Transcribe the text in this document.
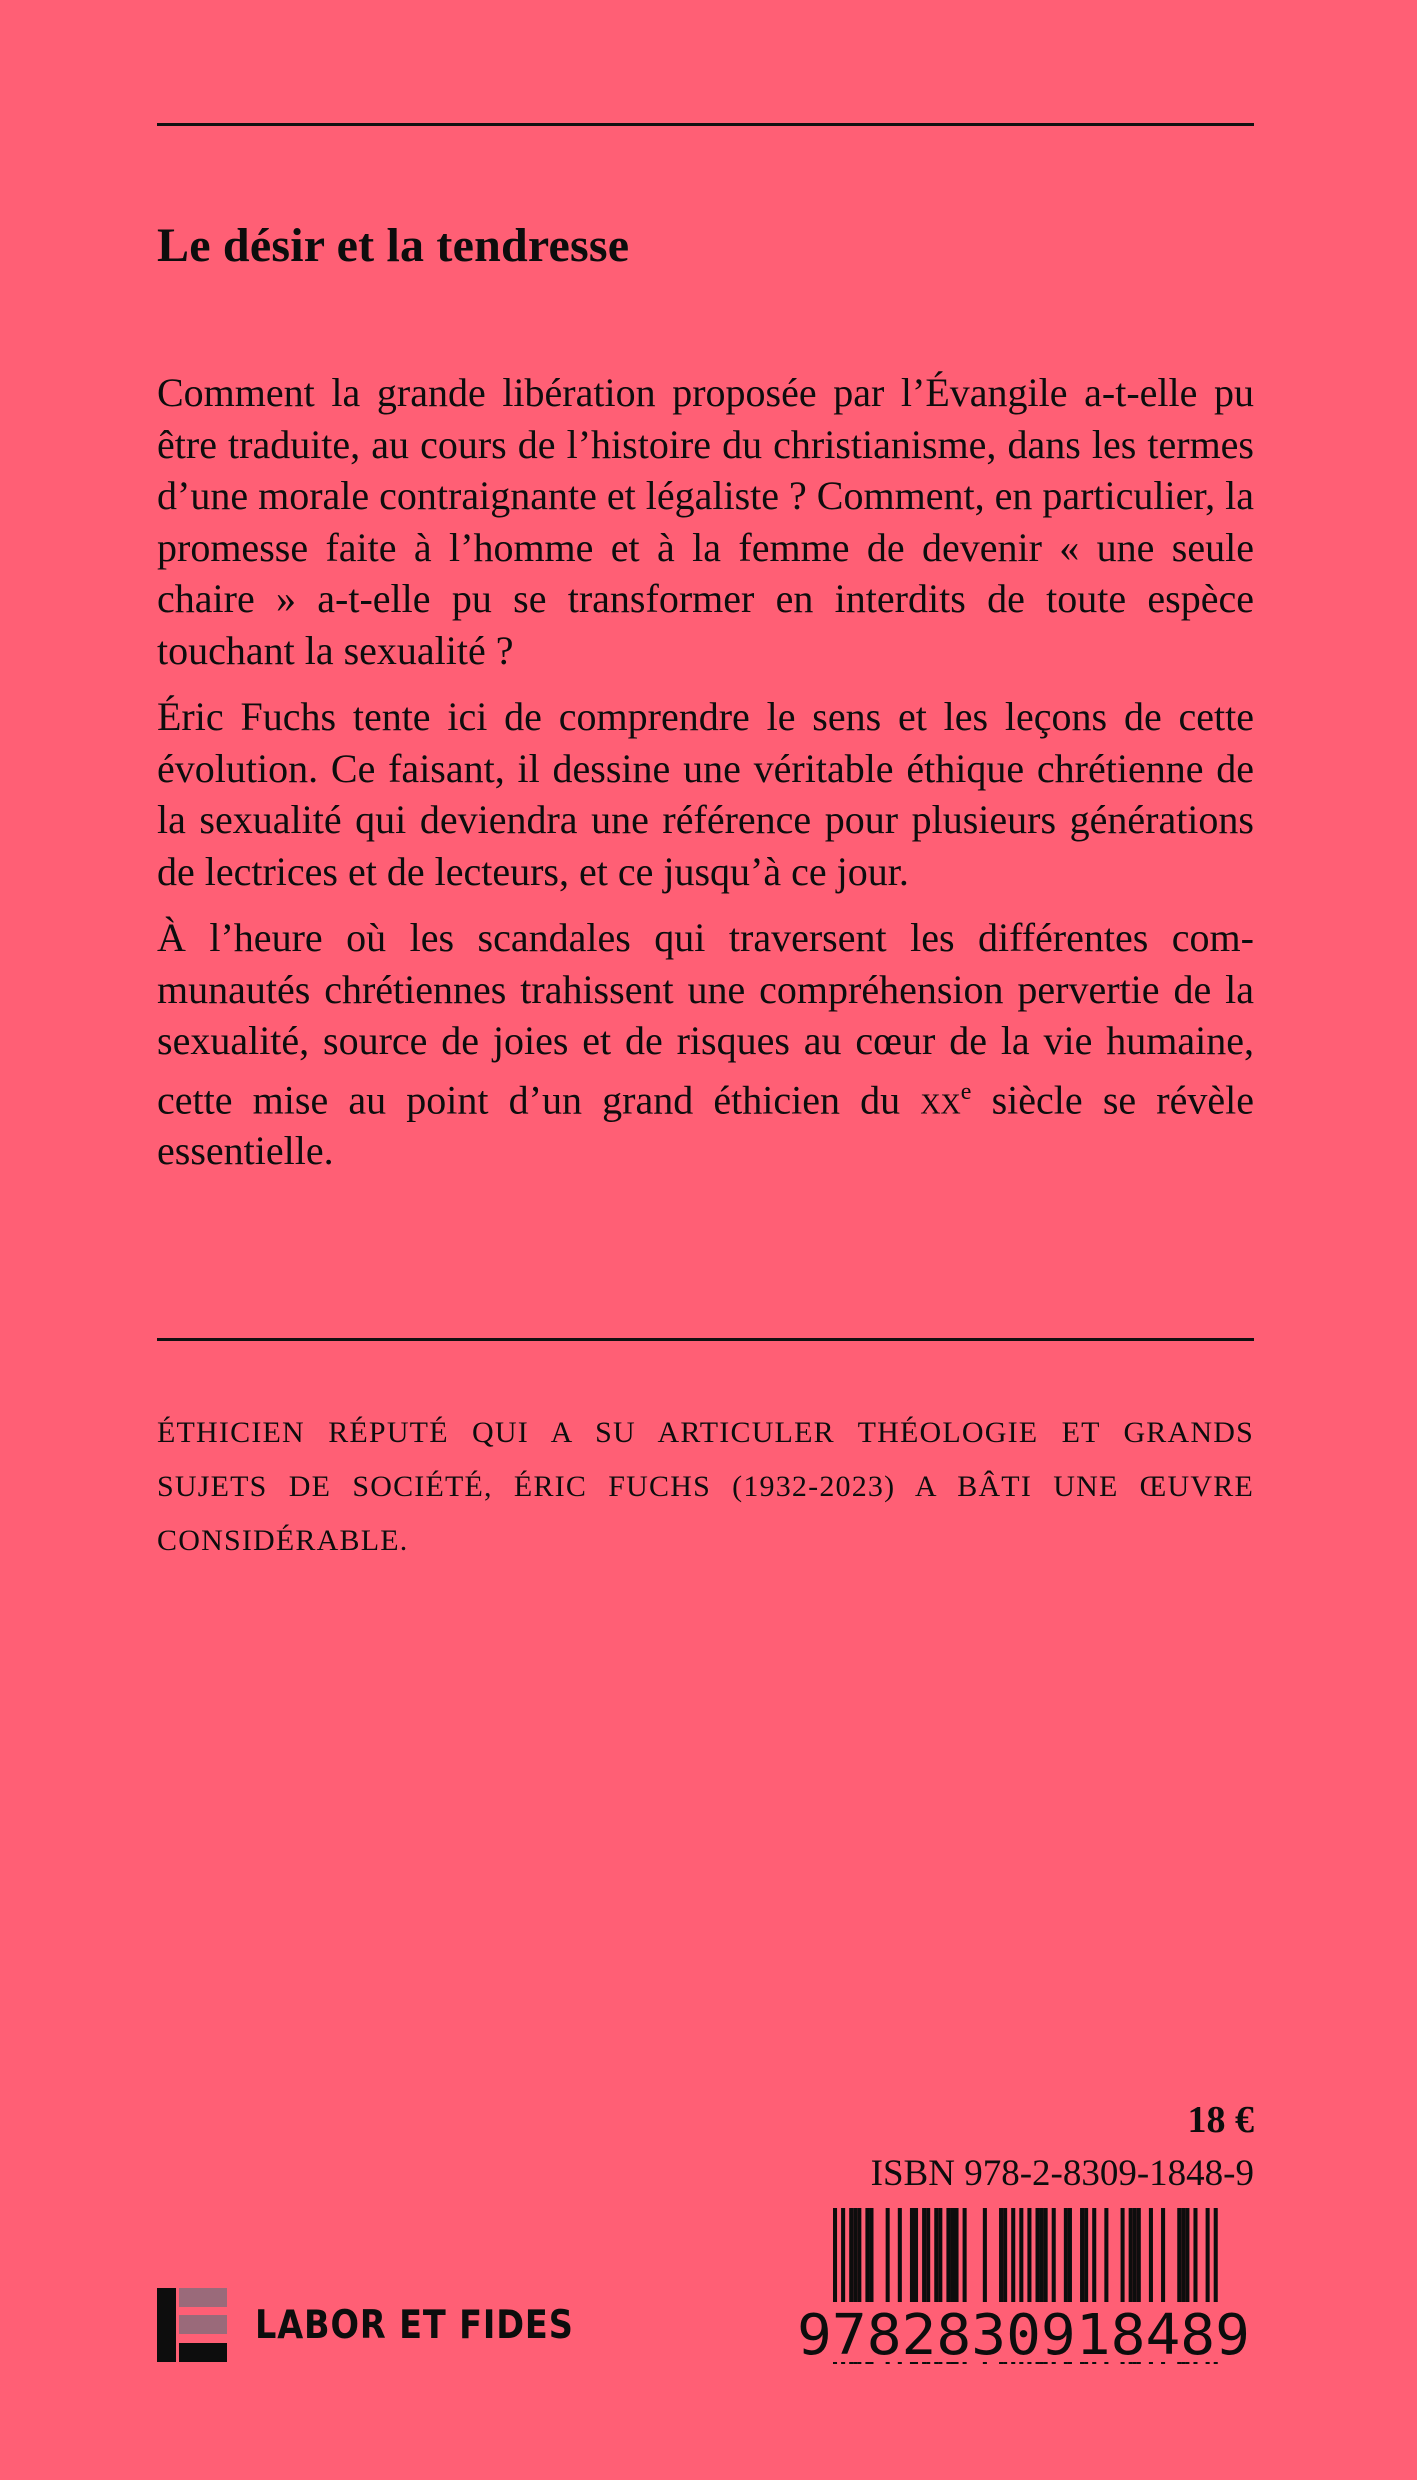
Le désir et la tendresse

Comment la grande libération proposée par l’Évangile a-t-elle pu être traduite, au cours de l’histoire du christianisme, dans les termes d’une morale contraignante et légaliste ? Comment, en particulier, la promesse faite à l’homme et à la femme de devenir « une seule chaire » a-t-elle pu se transformer en interdits de toute espèce touchant la sexualité ?

Éric Fuchs tente ici de comprendre le sens et les leçons de cette évolution. Ce faisant, il dessine une véritable éthique chrétienne de la sexualité qui deviendra une référence pour plusieurs générations de lectrices et de lecteurs, et ce jusqu’à ce jour.

À l’heure où les scandales qui traversent les différentes communautés chrétiennes trahissent une compréhension pervertie de la sexualité, source de joies et de risques au cœur de la vie humaine, cette mise au point d’un grand éthicien du $xx^e$ siècle se révèle essentielle.

ÉTHICIEN RÉPUTÉ QUI A SU ARTICULER THÉOLOGIE ET GRANDS SUJETS DE SOCIÉTÉ, ÉRIC FUCHS (1932-2023) A BÂTI UNE ŒUVRE CONSIDÉRABLE.

18 €
ISBN 978-2-8309-1848-9
9782830918489
LABOR ET FIDES
